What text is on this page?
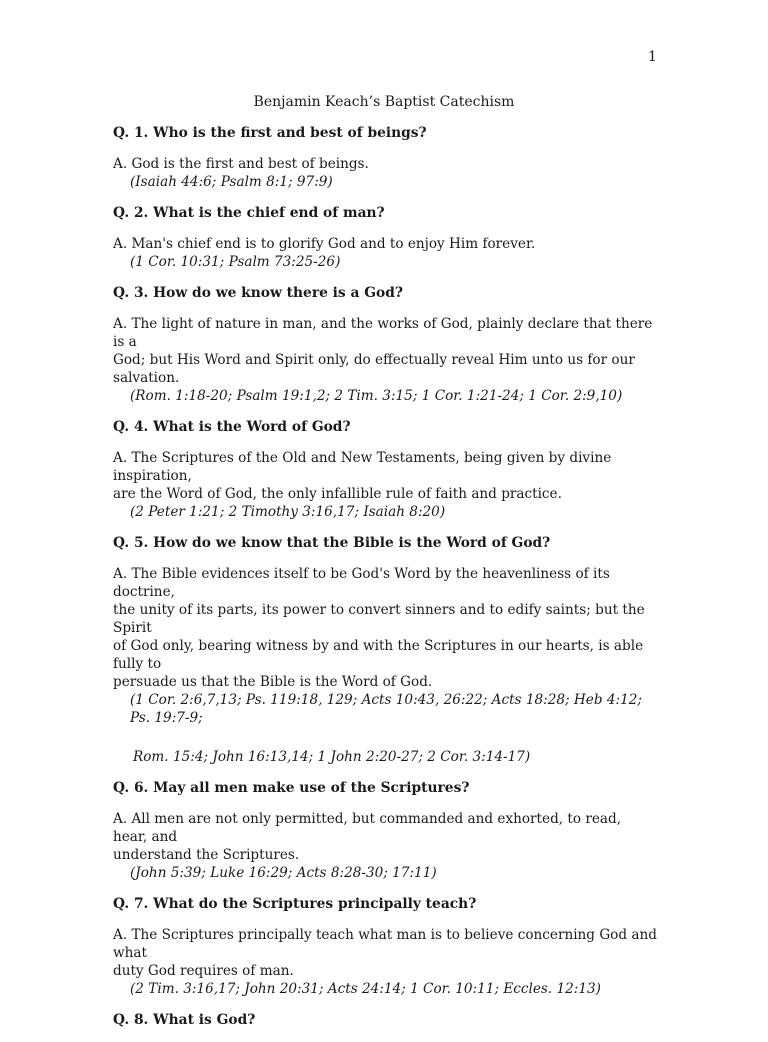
1
Benjamin Keach’s Baptist Catechism

Q. 1. Who is the first and best of beings?

A. God is the first and best of beings.

(Isaiah 44:6; Psalm 8:1; 97:9)

Q. 2. What is the chief end of man?

A. Man's chief end is to glorify God and to enjoy Him forever.

(1 Cor. 10:31; Psalm 73:25-26)

Q. 3. How do we know there is a God?

A. The light of nature in man, and the works of God, plainly declare that there is a
God; but His Word and Spirit only, do effectually reveal Him unto us for our
salvation.

(Rom. 1:18-20; Psalm 19:1,2; 2 Tim. 3:15; 1 Cor. 1:21-24; 1 Cor. 2:9,10)

Q. 4. What is the Word of God?

A. The Scriptures of the Old and New Testaments, being given by divine inspiration,
are the Word of God, the only infallible rule of faith and practice.

(2 Peter 1:21; 2 Timothy 3:16,17; Isaiah 8:20)

Q. 5. How do we know that the Bible is the Word of God?

A. The Bible evidences itself to be God's Word by the heavenliness of its doctrine,
the unity of its parts, its power to convert sinners and to edify saints; but the Spirit
of God only, bearing witness by and with the Scriptures in our hearts, is able fully to
persuade us that the Bible is the Word of God.

(1 Cor. 2:6,7,13; Ps. 119:18, 129; Acts 10:43, 26:22; Acts 18:28; Heb 4:12; Ps. 19:7-9;

Rom. 15:4; John 16:13,14; 1 John 2:20-27; 2 Cor. 3:14-17)

Q. 6. May all men make use of the Scriptures?

A. All men are not only permitted, but commanded and exhorted, to read, hear, and
understand the Scriptures.

(John 5:39; Luke 16:29; Acts 8:28-30; 17:11)

Q. 7. What do the Scriptures principally teach?

A. The Scriptures principally teach what man is to believe concerning God and what
duty God requires of man.

(2 Tim. 3:16,17; John 20:31; Acts 24:14; 1 Cor. 10:11; Eccles. 12:13)

Q. 8. What is God?
